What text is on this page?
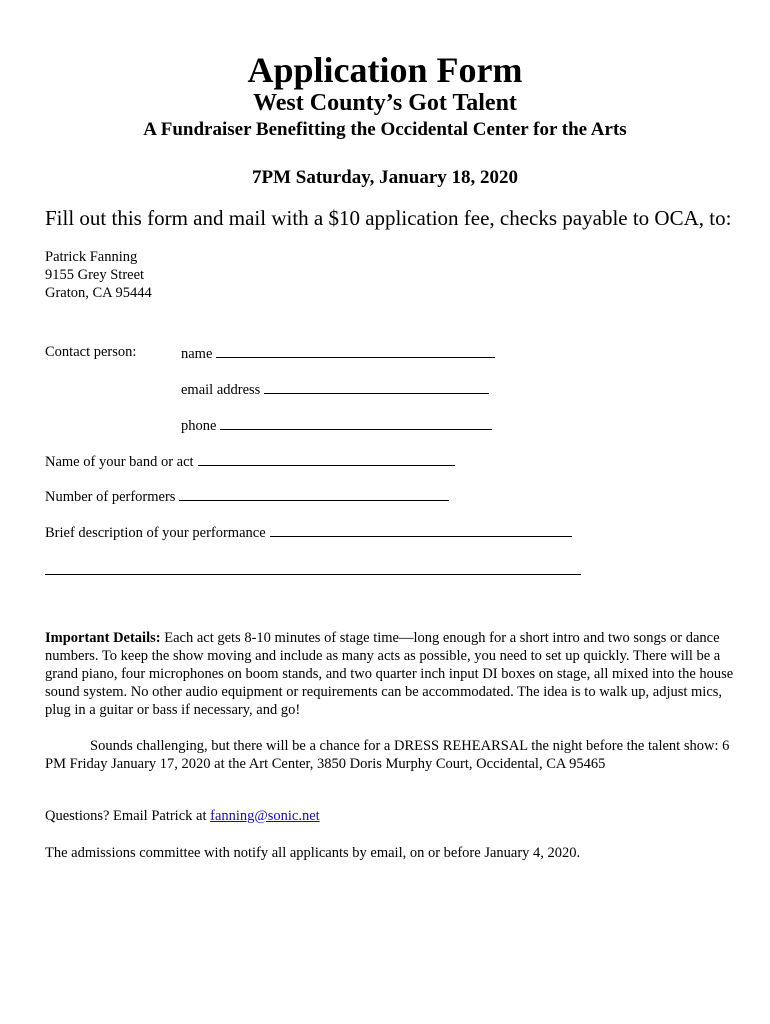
Application Form
West County’s Got Talent
A Fundraiser Benefitting the Occidental Center for the Arts
7PM Saturday, January 18, 2020
Fill out this form and mail with a $10 application fee, checks payable to OCA, to:
Patrick Fanning
9155 Grey Street
Graton, CA 95444
Contact person:	name
email address
phone
Name of your band or act
Number of performers
Brief description of your performance
Important Details: Each act gets 8-10 minutes of stage time—long enough for a short intro and two songs or dance numbers. To keep the show moving and include as many acts as possible, you need to set up quickly. There will be a grand piano, four microphones on boom stands, and two quarter inch input DI boxes on stage, all mixed into the house sound system. No other audio equipment or requirements can be accommodated. The idea is to walk up, adjust mics, plug in a guitar or bass if necessary, and go!
Sounds challenging, but there will be a chance for a DRESS REHEARSAL the night before the talent show: 6 PM Friday January 17, 2020 at the Art Center, 3850 Doris Murphy Court, Occidental, CA 95465
Questions? Email Patrick at fanning@sonic.net
The admissions committee with notify all applicants by email, on or before January 4, 2020.
